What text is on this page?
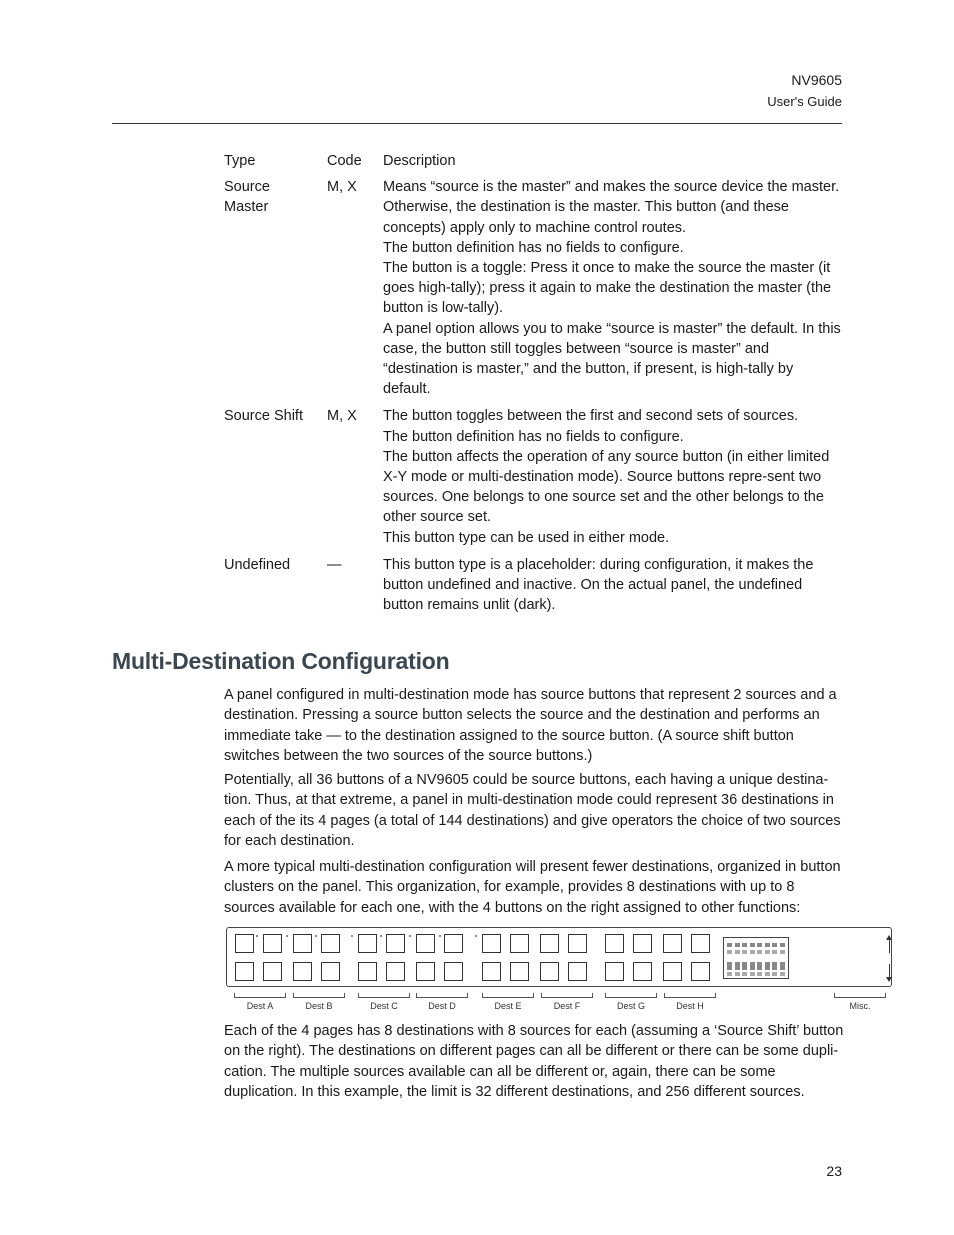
NV9605
User's Guide
Type	Code	Description

Source Master	M, X	Means “source is the master” and makes the source device the master. Otherwise, the destination is the master. This button (and these concepts) apply only to machine control routes.
The button definition has no fields to configure.
The button is a toggle: Press it once to make the source the master (it goes high-tally); press it again to make the destination the master (the button is low-tally).
A panel option allows you to make “source is master” the default. In this case, the button still toggles between “source is master” and “destination is master,” and the button, if present, is high-tally by default.

Source Shift	M, X	The button toggles between the first and second sets of sources.
The button definition has no fields to configure.
The button affects the operation of any source button (in either limited X-Y mode or multi-destination mode). Source buttons repre-sent two sources. One belongs to one source set and the other belongs to the other source set.
This button type can be used in either mode.

Undefined	—	This button type is a placeholder: during configuration, it makes the button undefined and inactive. On the actual panel, the undefined button remains unlit (dark).
Multi-Destination Configuration

A panel configured in multi-destination mode has source buttons that represent 2 sources and a destination. Pressing a source button selects the source and the destination and performs an immediate take — to the destination assigned to the source button. (A source shift button switches between the two sources of the source buttons.)

Potentially, all 36 buttons of a NV9605 could be source buttons, each having a unique destina-tion. Thus, at that extreme, a panel in multi-destination mode could represent 36 destinations in each of the its 4 pages (a total of 144 destinations) and give operators the choice of two sources for each destination.

A more typical multi-destination configuration will present fewer destinations, organized in button clusters on the panel. This organization, for example, provides 8 destinations with up to 8 sources available for each one, with the 4 buttons on the right assigned to other functions:

Dest A	Dest B	Dest C	Dest D	Dest E	Dest F	Dest G	Dest H	Misc.

Each of the 4 pages has 8 destinations with 8 sources for each (assuming a ‘Source Shift’ button on the right). The destinations on different pages can all be different or there can be some dupli-cation. The multiple sources available can all be different or, again, there can be some duplication. In this example, the limit is 32 different destinations, and 256 different sources.

23
